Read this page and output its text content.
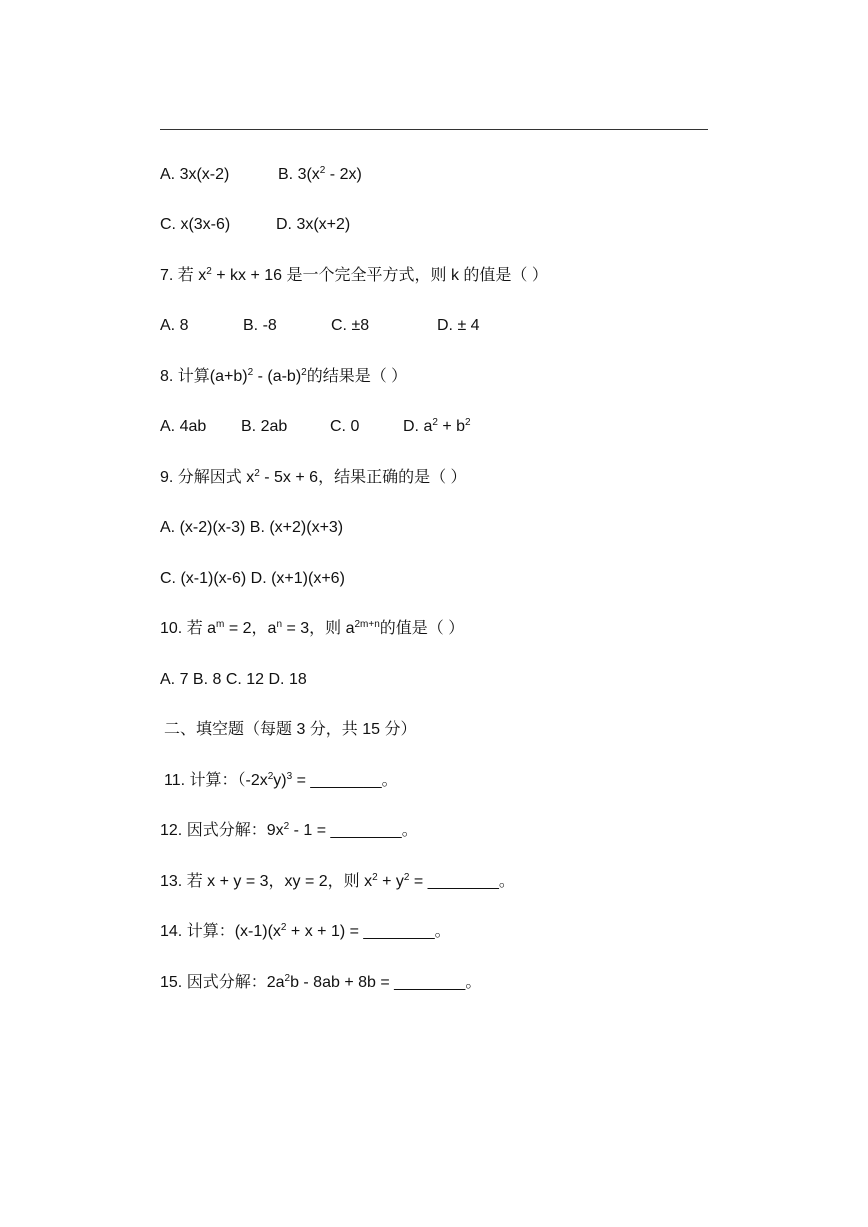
A. 3x(x-2)	B. $3(x^2 - 2x)$
C. x(3x-6)	D. 3x(x+2)
7. 若 $x^2$ + kx + 16 是一个完全平方式，则 k 的值是（ ）
A. 8	B. -8	C. ±8	D. ± 4
8. 计算$(a+b)^2 - (a-b)^2$的结果是（ ）
A. 4ab B. 2ab	C. 0	D. $a^2 + b^2$
9. 分解因式 $x^2 - 5x + 6$，结果正确的是（ ）
A. (x-2)(x-3) B. (x+2)(x+3)
C. (x-1)(x-6) D. (x+1)(x+6)
10. 若 $a^m = 2$，$a^n = 3$，则 $a^{2m+n}$的值是（ ）
A. 7 B. 8 C. 12 D. 18
二、填空题（每题 3 分，共 15 分）
11. 计算：$(-2x^2y)^3$ = ________。
12. 因式分解：$9x^2 - 1$ = ________。
13. 若 x + y = 3，xy = 2，则 $x^2 + y^2$ = ________。
14. 计算：$(x-1)(x^2 + x + 1)$ = ________。
15. 因式分解：$2a^2b - 8ab + 8b$ = ________。
